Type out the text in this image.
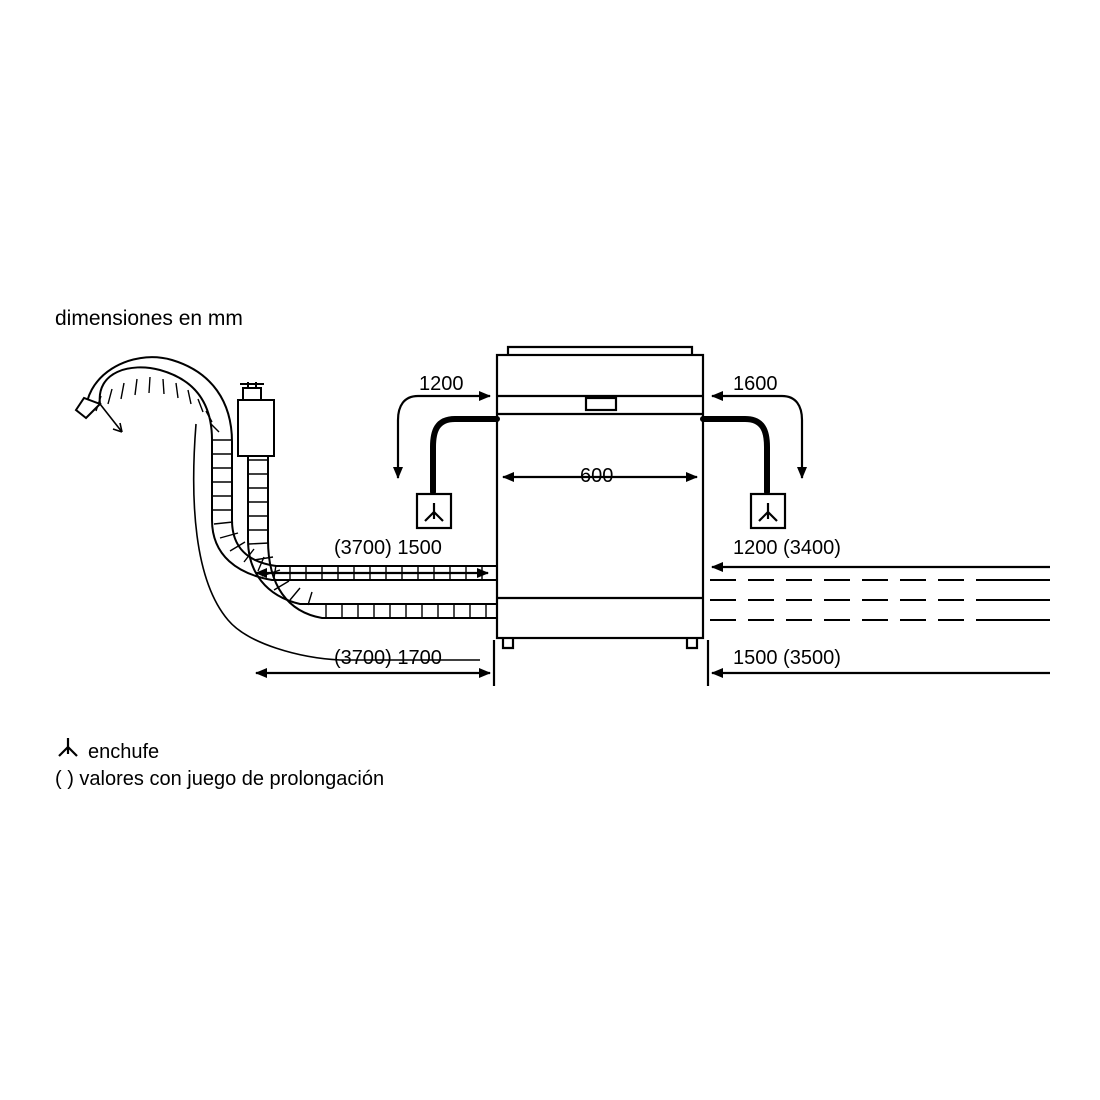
dimensiones en mm
1200	1600
600
(3700) 1500	1200 (3400)
(3700) 1700	1500 (3500)
enchufe
( ) valores con juego de prolongación
